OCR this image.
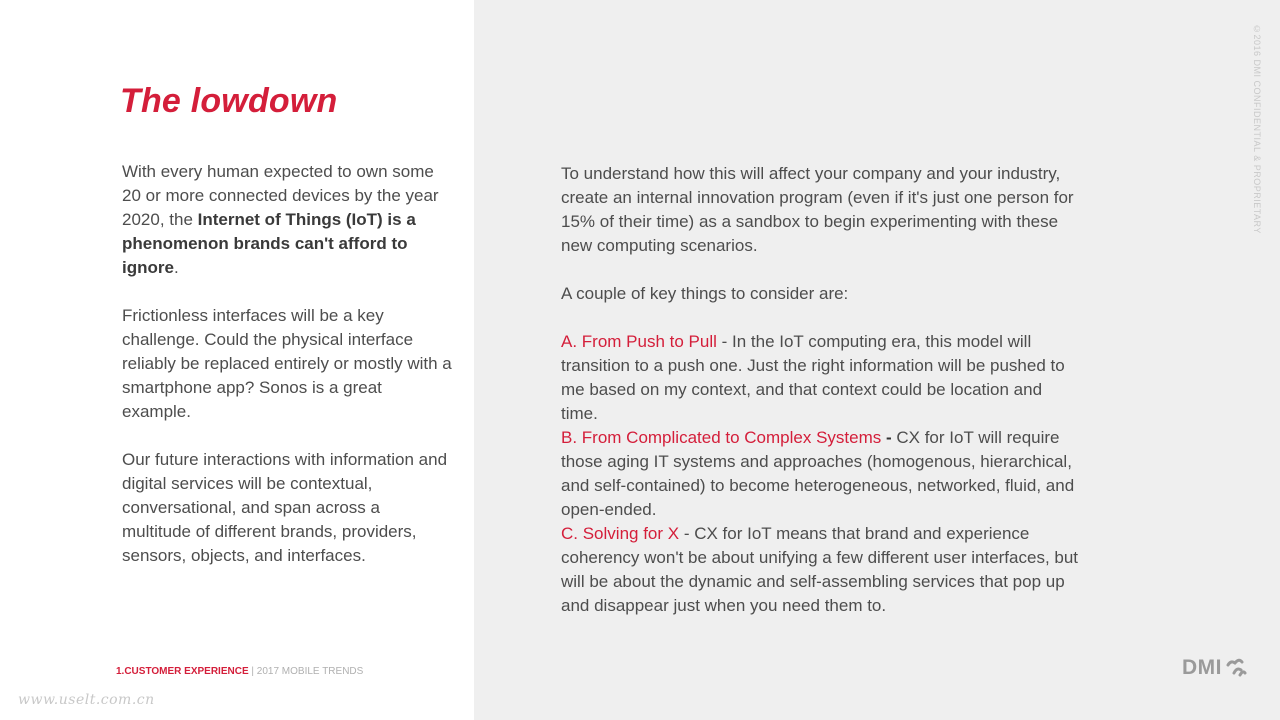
The lowdown

With every human expected to own some 20 or more connected devices by the year 2020, the Internet of Things (IoT) is a phenomenon brands can't afford to ignore.

Frictionless interfaces will be a key challenge. Could the physical interface reliably be replaced entirely or mostly with a smartphone app? Sonos is a great example.

Our future interactions with information and digital services will be contextual, conversational, and span across a multitude of different brands, providers, sensors, objects, and interfaces.

To understand how this will affect your company and your industry, create an internal innovation program (even if it's just one person for 15% of their time) as a sandbox to begin experimenting with these new computing scenarios.

A couple of key things to consider are:

A. From Push to Pull - In the IoT computing era, this model will transition to a push one. Just the right information will be pushed to me based on my context, and that context could be location and time.

B. From Complicated to Complex Systems - CX for IoT will require those aging IT systems and approaches (homogenous, hierarchical, and self-contained) to become heterogeneous, networked, fluid, and open-ended.

C. Solving for X - CX for IoT means that brand and experience coherency won't be about unifying a few different user interfaces, but will be about the dynamic and self-assembling services that pop up and disappear just when you need them to.

1.CUSTOMER EXPERIENCE | 2017 MOBILE TRENDS
©2016 DMI CONFIDENTIAL & PROPRIETARY
DMI
www.uselt.com.cn
